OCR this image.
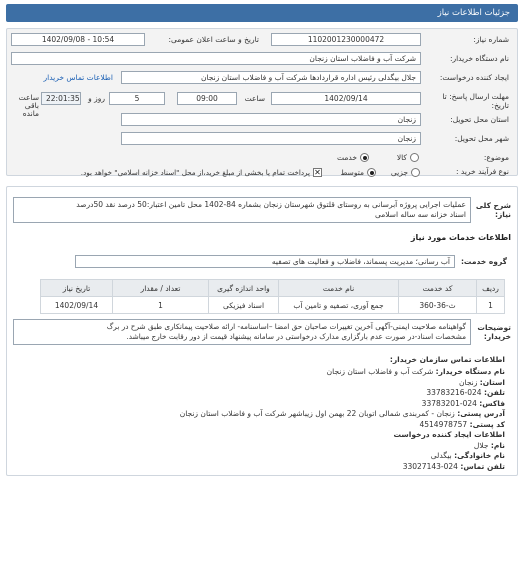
جزئیات اطلاعات نیاز
شماره نیاز:
1102001230000472
تاریخ و ساعت اعلان عمومی:
1402/09/08 - 10:54
نام دستگاه خریدار:
شرکت آب و فاضلاب استان زنجان
ایجاد کننده درخواست:
جلال بیگدلی رئیس اداره قراردادها شرکت آب و فاضلاب استان زنجان
اطلاعات تماس خریدار
مهلت ارسال پاسخ: تا تاریخ:
1402/09/14
ساعت
09:00
5
روز و
22:01:35
ساعت باقی مانده
استان محل تحویل:
زنجان
شهر محل تحویل:
زنجان
موضوع:
کالا
خدمت
نوع فرآیند خرید :
جزیی
متوسط
✕
پرداخت تمام یا بخشی از مبلغ خرید،از محل "اسناد خزانه اسلامی" خواهد بود.
شرح کلی نیاز:
عملیات اجرایی پروژه آبرسانی به روستای قلتوق شهرستان زنجان بشماره 84-1402 محل تامین اعتبار:50 درصد نقد 50درصد
اسناد خزانه سه ساله اسلامی
اطلاعات خدمات مورد نیاز
گروه خدمت:
آب رسانی؛ مدیریت پسماند، فاضلاب و فعالیت های تصفیه
ردیف	کد خدمت	نام خدمت	واحد اندازه گیری	تعداد / مقدار	تاریخ نیاز
1	ث-36-360	جمع آوری، تصفیه و تامین آب	اسناد فیزیکی	1	1402/09/14
توضیحات خریدار:
گواهینامه صلاحیت ایمنی-آگهی آخرین تغییرات صاحبان حق امضا –اساسنامه- ارائه صلاحیت پیمانکاری طبق شرح در برگ
مشخصات اسناد-در صورت عدم بارگزاری مدارک درخواستی در سامانه پیشنهاد قیمت از دور رقابت خارج میباشد.
اطلاعات تماس سازمان خریدار:
نام دستگاه خریدار: شرکت آب و فاضلاب استان زنجان
استان: زنجان
تلفن: 024-33783216
فاکس: 024-33783201
آدرس پستی: زنجان - کمربندی شمالی اتوبان 22 بهمن اول زیباشهر شرکت آب و فاضلاب استان زنجان
کد پستی: 4514978757
اطلاعات ایجاد کننده درخواست
نام: جلال
نام خانوادگی: بیگدلی
تلفن تماس: 024-33027143
